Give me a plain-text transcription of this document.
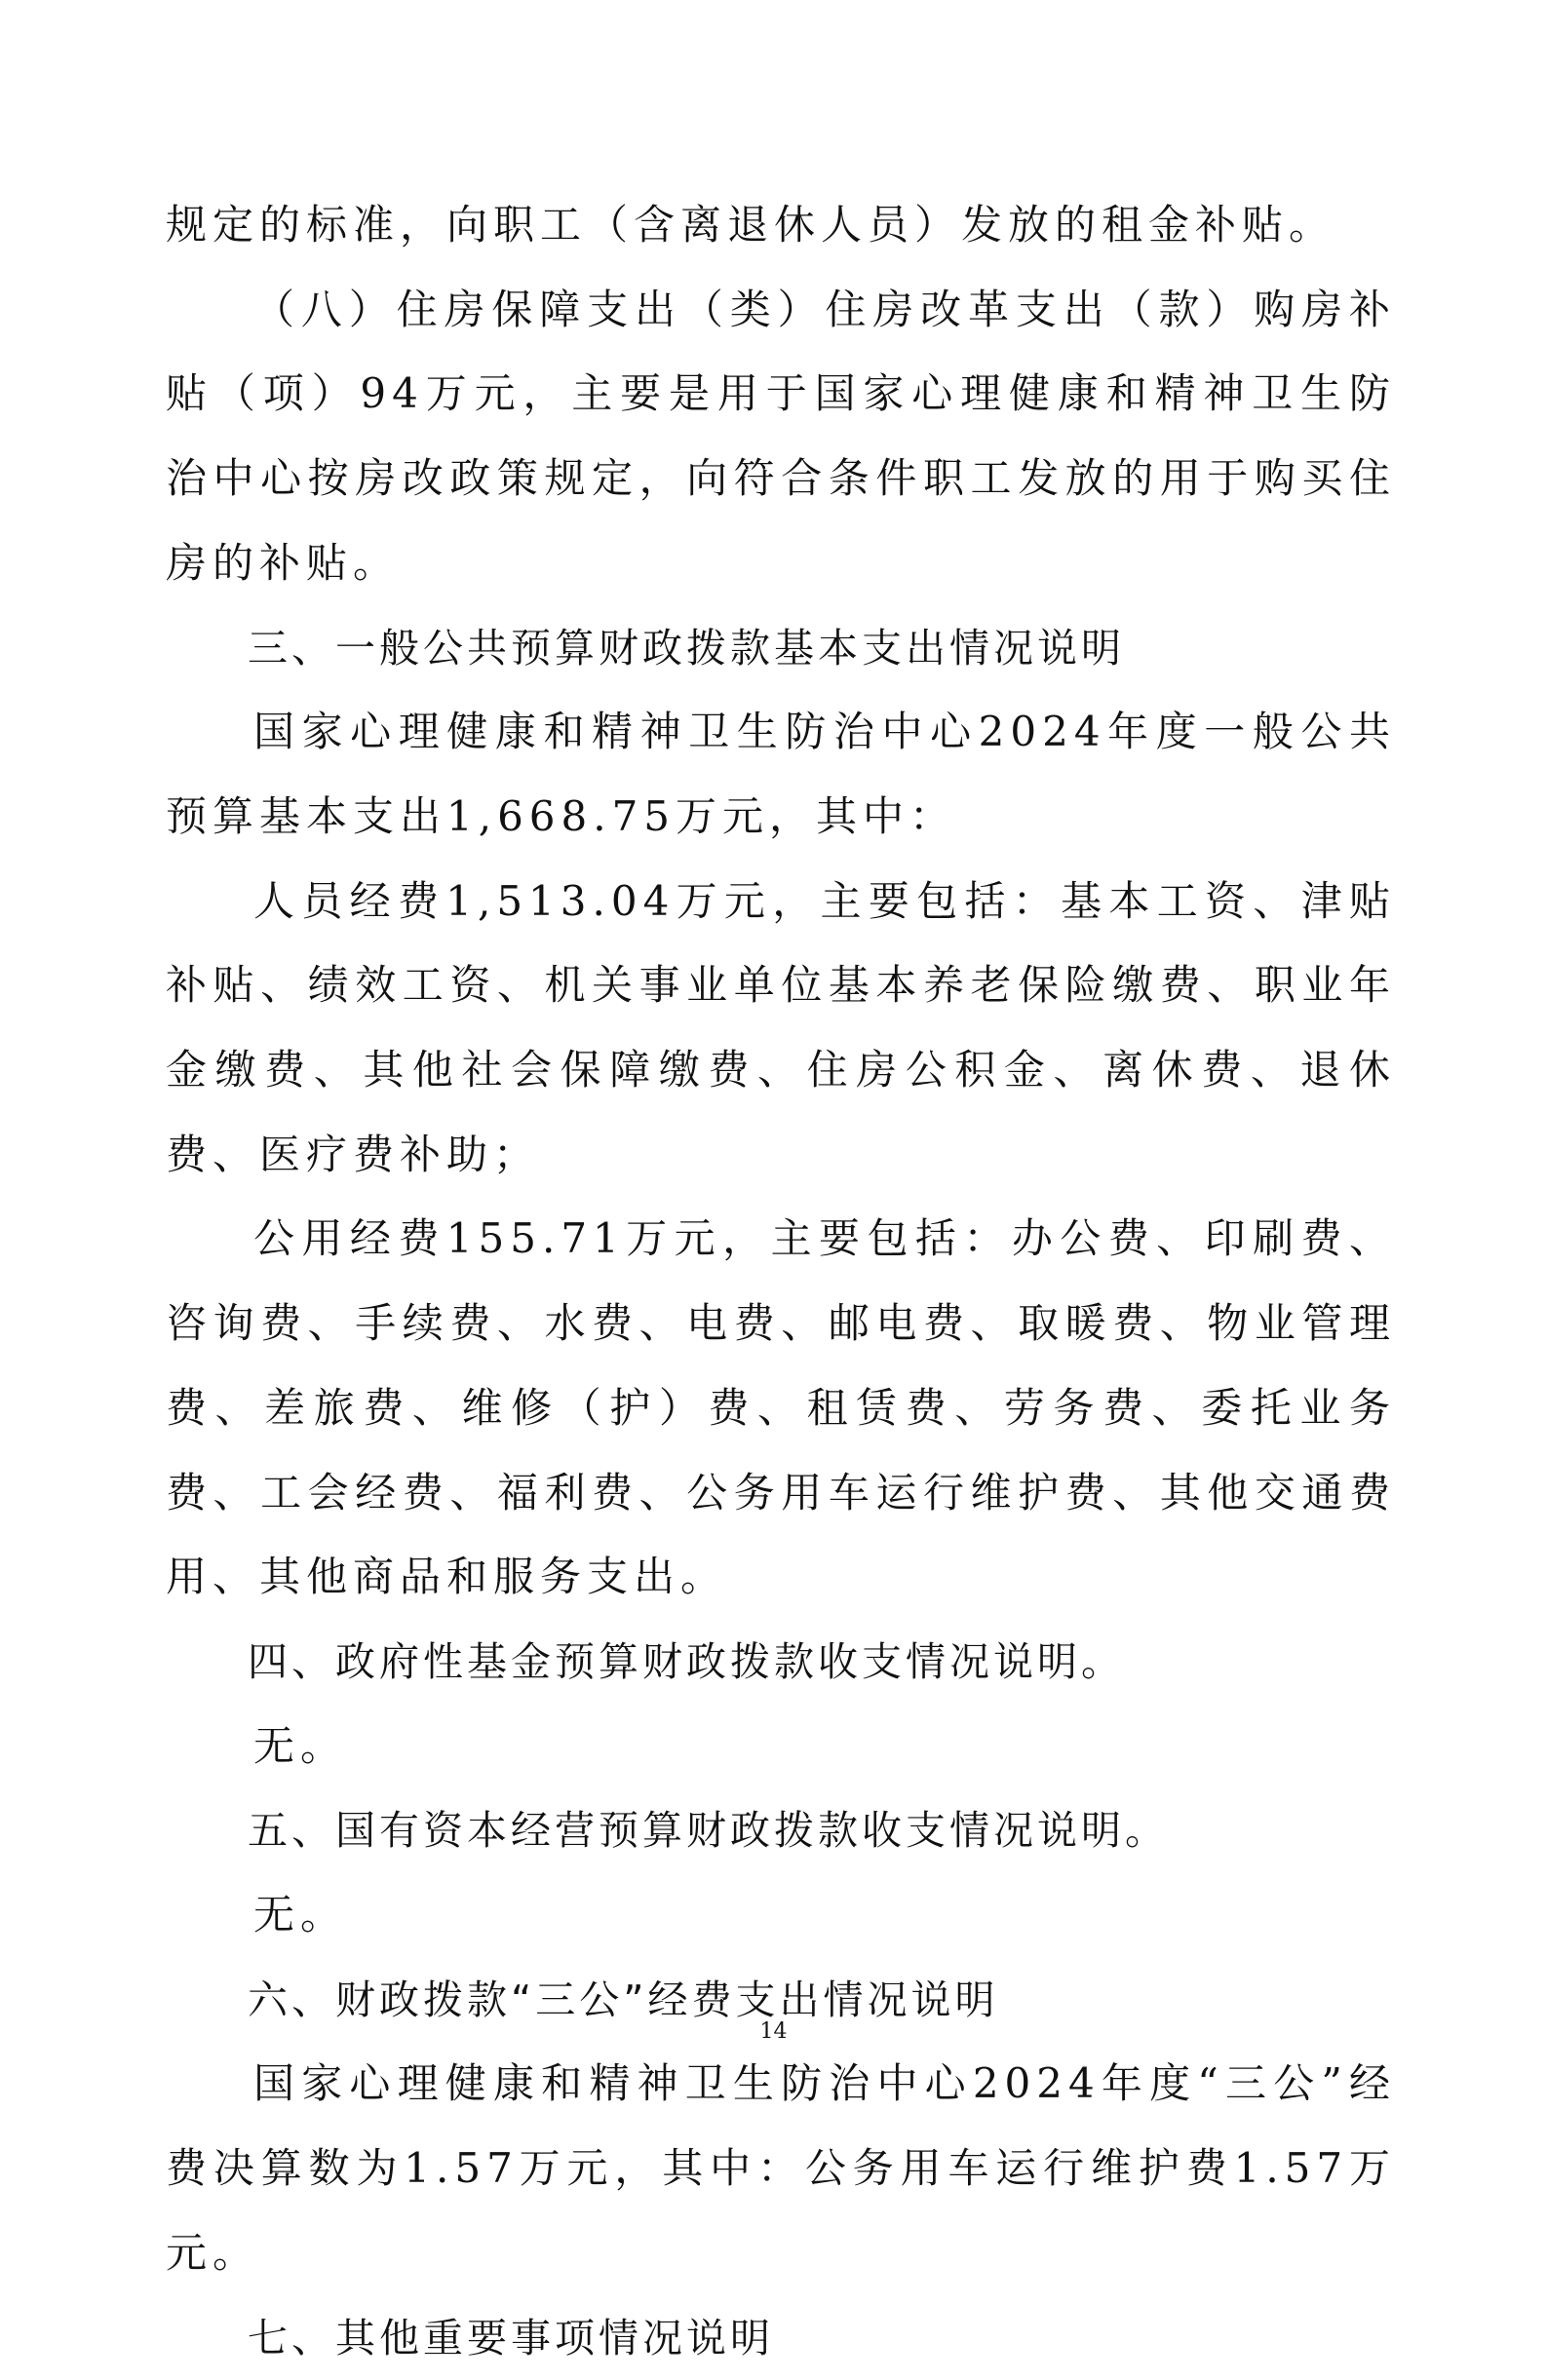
规定的标准，向职工（含离退休人员）发放的租金补贴。

（八）住房保障支出（类）住房改革支出（款）购房补贴（项）94万元，主要是用于国家心理健康和精神卫生防治中心按房改政策规定，向符合条件职工发放的用于购买住房的补贴。

三、一般公共预算财政拨款基本支出情况说明

国家心理健康和精神卫生防治中心2024年度一般公共预算基本支出1,668.75万元，其中：

人员经费1,513.04万元，主要包括：基本工资、津贴补贴、绩效工资、机关事业单位基本养老保险缴费、职业年金缴费、其他社会保障缴费、住房公积金、离休费、退休费、医疗费补助；

公用经费155.71万元，主要包括：办公费、印刷费、咨询费、手续费、水费、电费、邮电费、取暖费、物业管理费、差旅费、维修（护）费、租赁费、劳务费、委托业务费、工会经费、福利费、公务用车运行维护费、其他交通费用、其他商品和服务支出。

四、政府性基金预算财政拨款收支情况说明。

无。

五、国有资本经营预算财政拨款收支情况说明。

无。

六、财政拨款“三公”经费支出情况说明

国家心理健康和精神卫生防治中心2024年度“三公”经费决算数为1.57万元，其中：公务用车运行维护费1.57万元。

七、其他重要事项情况说明

14
